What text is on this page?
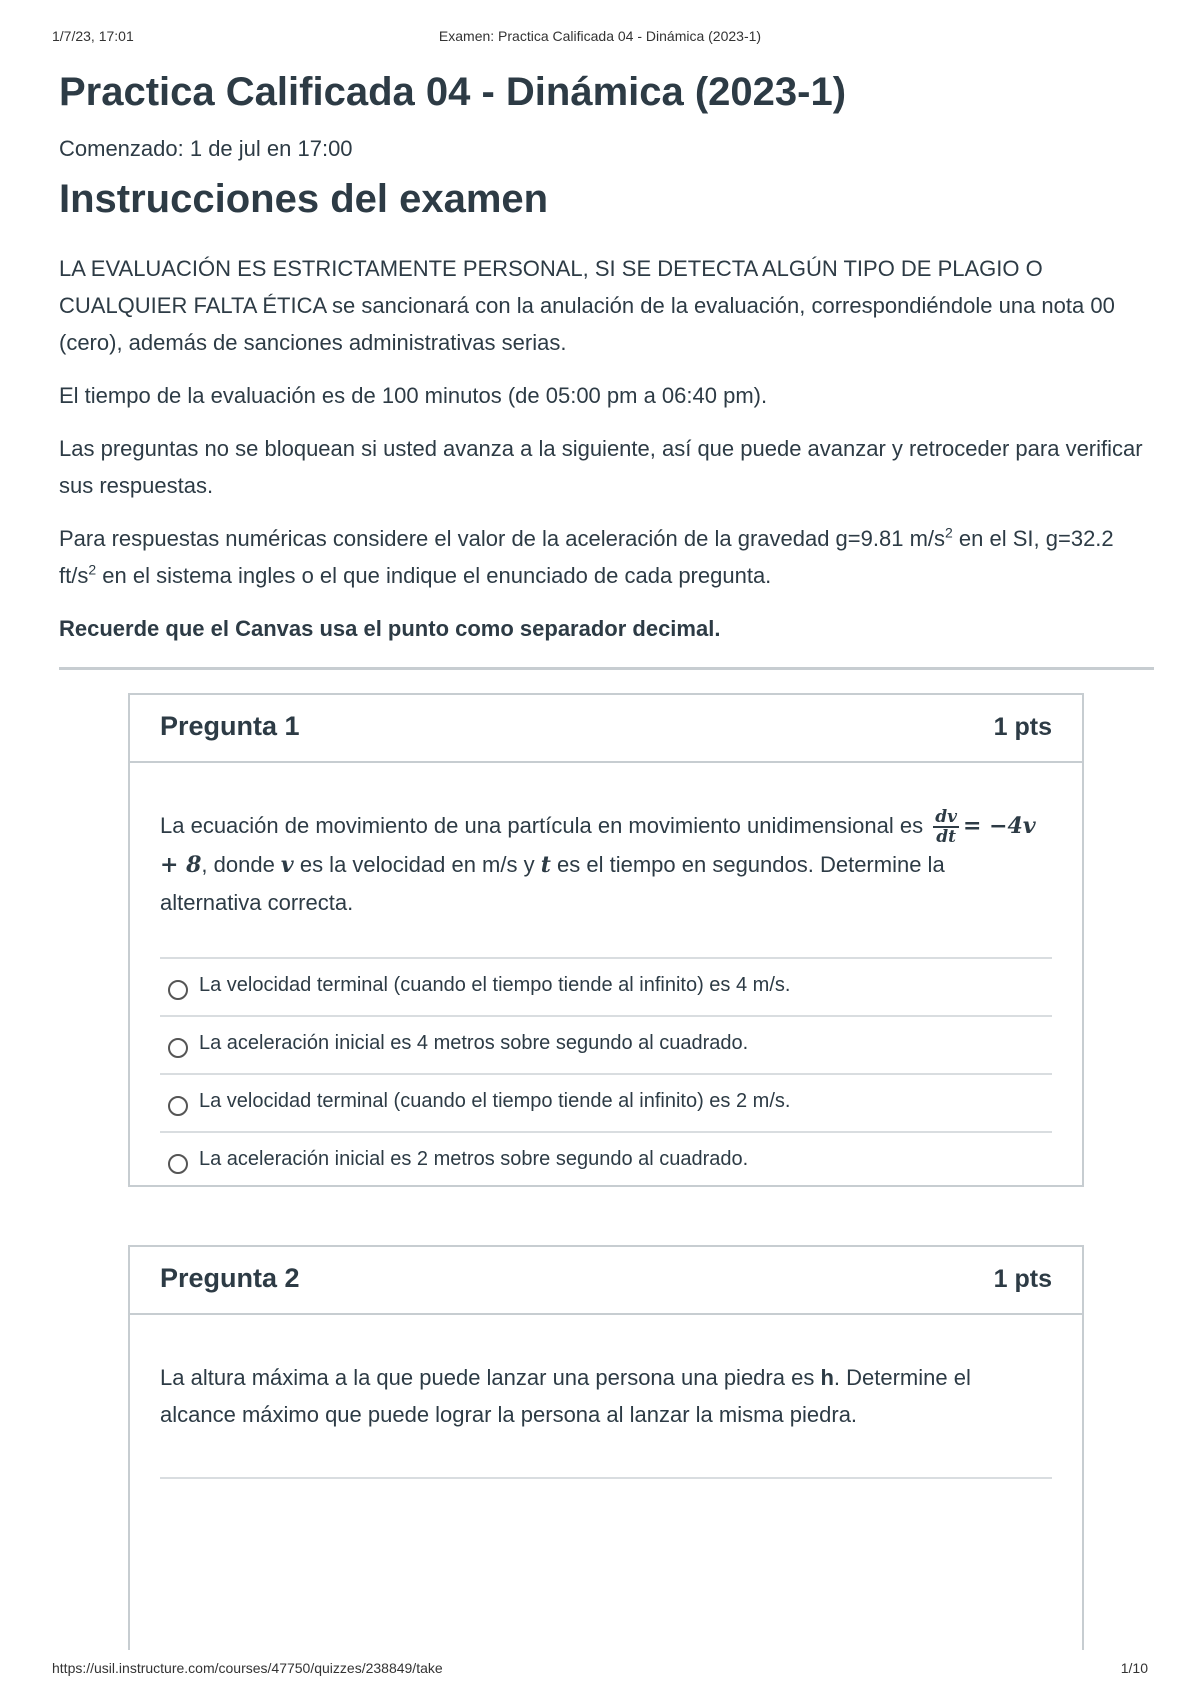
1/7/23, 17:01	Examen: Practica Calificada 04 - Dinámica (2023-1)
Practica Calificada 04 - Dinámica (2023-1)
Comenzado: 1 de jul en 17:00
Instrucciones del examen

LA EVALUACIÓN ES ESTRICTAMENTE PERSONAL, SI SE DETECTA ALGÚN TIPO DE PLAGIO O CUALQUIER FALTA ÉTICA se sancionará con la anulación de la evaluación, correspondiéndole una nota 00 (cero), además de sanciones administrativas serias.

El tiempo de la evaluación es de 100 minutos (de 05:00 pm a 06:40 pm).

Las preguntas no se bloquean si usted avanza a la siguiente, así que puede avanzar y retroceder para verificar sus respuestas.

Para respuestas numéricas considere el valor de la aceleración de la gravedad g=9.81 $m/s^2$ en el SI, g=32.2 $ft/s^2$ en el sistema ingles o el que indique el enunciado de cada pregunta.

Recuerde que el Canvas usa el punto como separador decimal.

Pregunta 1	1 pts
La ecuación de movimiento de una partícula en movimiento unidimensional es $\frac{dv}{dt} = -4v + 8$, donde v es la velocidad en m/s y t es el tiempo en segundos. Determine la alternativa correcta.
La velocidad terminal (cuando el tiempo tiende al infinito) es 4 m/s.
La aceleración inicial es 4 metros sobre segundo al cuadrado.
La velocidad terminal (cuando el tiempo tiende al infinito) es 2 m/s.
La aceleración inicial es 2 metros sobre segundo al cuadrado.
Pregunta 2	1 pts
La altura máxima a la que puede lanzar una persona una piedra es h. Determine el alcance máximo que puede lograr la persona al lanzar la misma piedra.
https://usil.instructure.com/courses/47750/quizzes/238849/take	1/10
